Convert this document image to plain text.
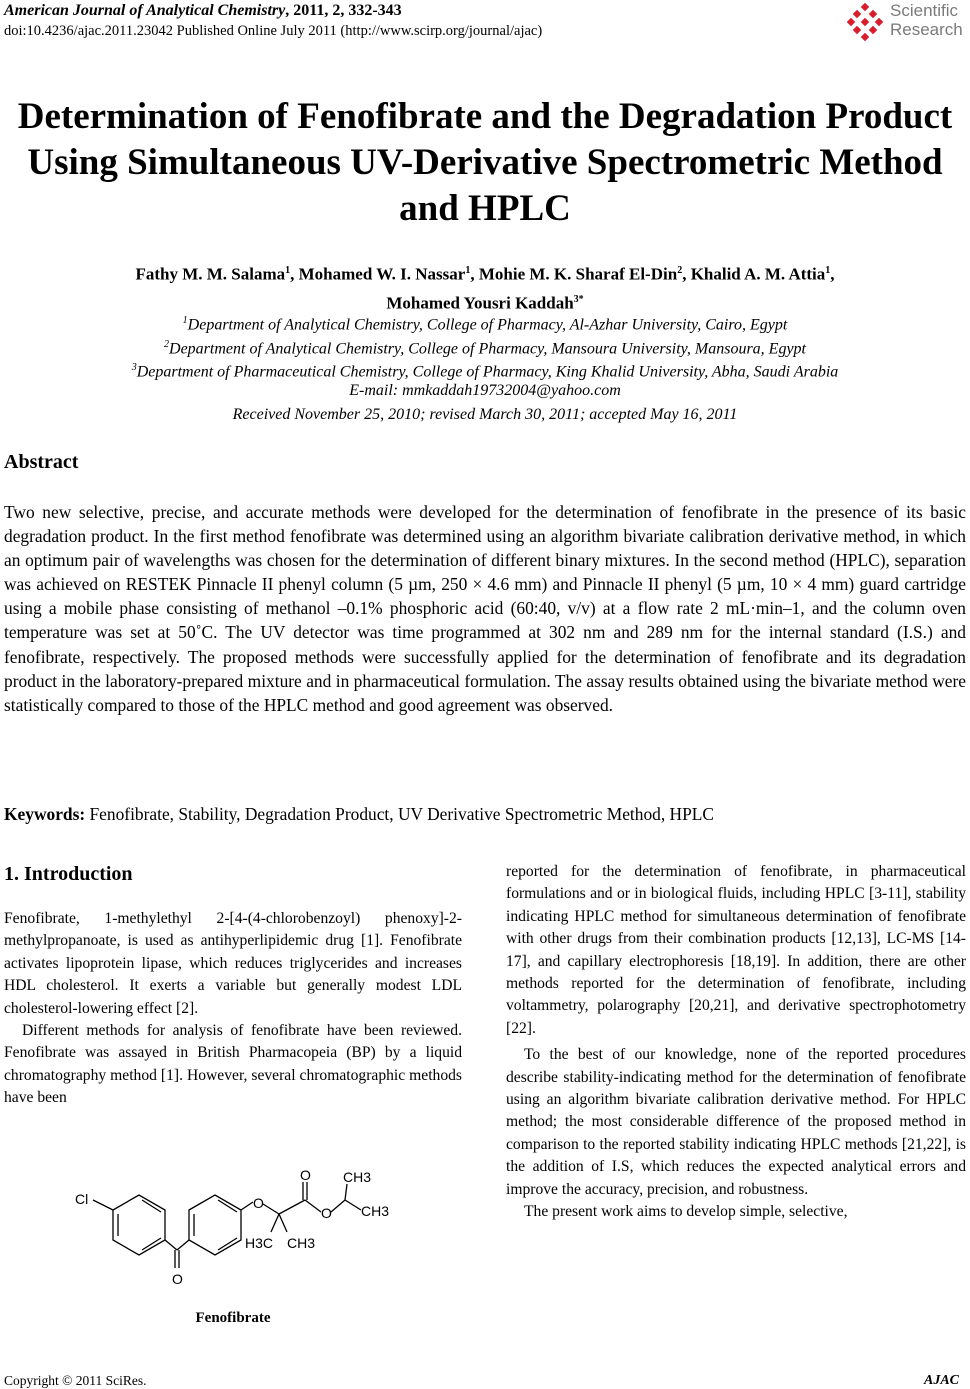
American Journal of Analytical Chemistry, 2011, 2, 332-343
doi:10.4236/ajac.2011.23042 Published Online July 2011 (http://www.scirp.org/journal/ajac)
Scientific
Research
Determination of Fenofibrate and the Degradation Product Using Simultaneous UV-Derivative Spectrometric Method and HPLC
Fathy M. M. Salama$^1$, Mohamed W. I. Nassar$^1$, Mohie M. K. Sharaf El-Din$^2$, Khalid A. M. Attia$^1$,
Mohamed Yousri Kaddah$^{3*}$
$^1$Department of Analytical Chemistry, College of Pharmacy, Al-Azhar University, Cairo, Egypt
$^2$Department of Analytical Chemistry, College of Pharmacy, Mansoura University, Mansoura, Egypt
$^3$Department of Pharmaceutical Chemistry, College of Pharmacy, King Khalid University, Abha, Saudi Arabia
E-mail: mmkaddah19732004@yahoo.com
Received November 25, 2010; revised March 30, 2011; accepted May 16, 2011
Abstract
Two new selective, precise, and accurate methods were developed for the determination of fenofibrate in the presence of its basic degradation product. In the first method fenofibrate was determined using an algorithm bivariate calibration derivative method, in which an optimum pair of wavelengths was chosen for the determination of different binary mixtures. In the second method (HPLC), separation was achieved on RESTEK Pinnacle II phenyl column (5 µm, 250 × 4.6 mm) and Pinnacle II phenyl (5 µm, 10 × 4 mm) guard cartridge using a mobile phase consisting of methanol –0.1% phosphoric acid (60:40, v/v) at a flow rate 2 mL·min–1, and the column oven temperature was set at 50˚C. The UV detector was time programmed at 302 nm and 289 nm for the internal standard (I.S.) and fenofibrate, respectively. The proposed methods were successfully applied for the determination of fenofibrate and its degradation product in the laboratory-prepared mixture and in pharmaceutical formulation. The assay results obtained using the bivariate method were statistically compared to those of the HPLC method and good agreement was observed.
Keywords: Fenofibrate, Stability, Degradation Product, UV Derivative Spectrometric Method, HPLC
1. Introduction

Fenofibrate, 1-methylethyl 2-[4-(4-chlorobenzoyl) phenoxy]-2-methylpropanoate, is used as antihyperlipidemic drug [1]. Fenofibrate activates lipoprotein lipase, which reduces triglycerides and increases HDL cholesterol. It exerts a variable but generally modest LDL cholesterol-lowering effect [2].

Different methods for analysis of fenofibrate have been reviewed. Fenofibrate was assayed in British Pharmacopeia (BP) by a liquid chromatography method [1]. However, several chromatographic methods have been

reported for the determination of fenofibrate, in pharmaceutical formulations and or in biological fluids, including HPLC [3-11], stability indicating HPLC method for simultaneous determination of fenofibrate with other drugs from their combination products [12,13], LC-MS [14-17], and capillary electrophoresis [18,19]. In addition, there are other methods reported for the determination of fenofibrate, including voltammetry, polarography [20,21], and derivative spectrophotometry [22].

To the best of our knowledge, none of the reported procedures describe stability-indicating method for the determination of fenofibrate using an algorithm bivariate calibration derivative method. For HPLC method; the most considerable difference of the proposed method in comparison to the reported stability indicating HPLC methods [21,22], is the addition of I.S, which reduces the expected analytical errors and improve the accuracy, precision, and robustness.

The present work aims to develop simple, selective,

Cl
O
O
O
O
CH3
CH3
H3C CH3
Fenofibrate
Copyright © 2011 SciRes.	AJAC
